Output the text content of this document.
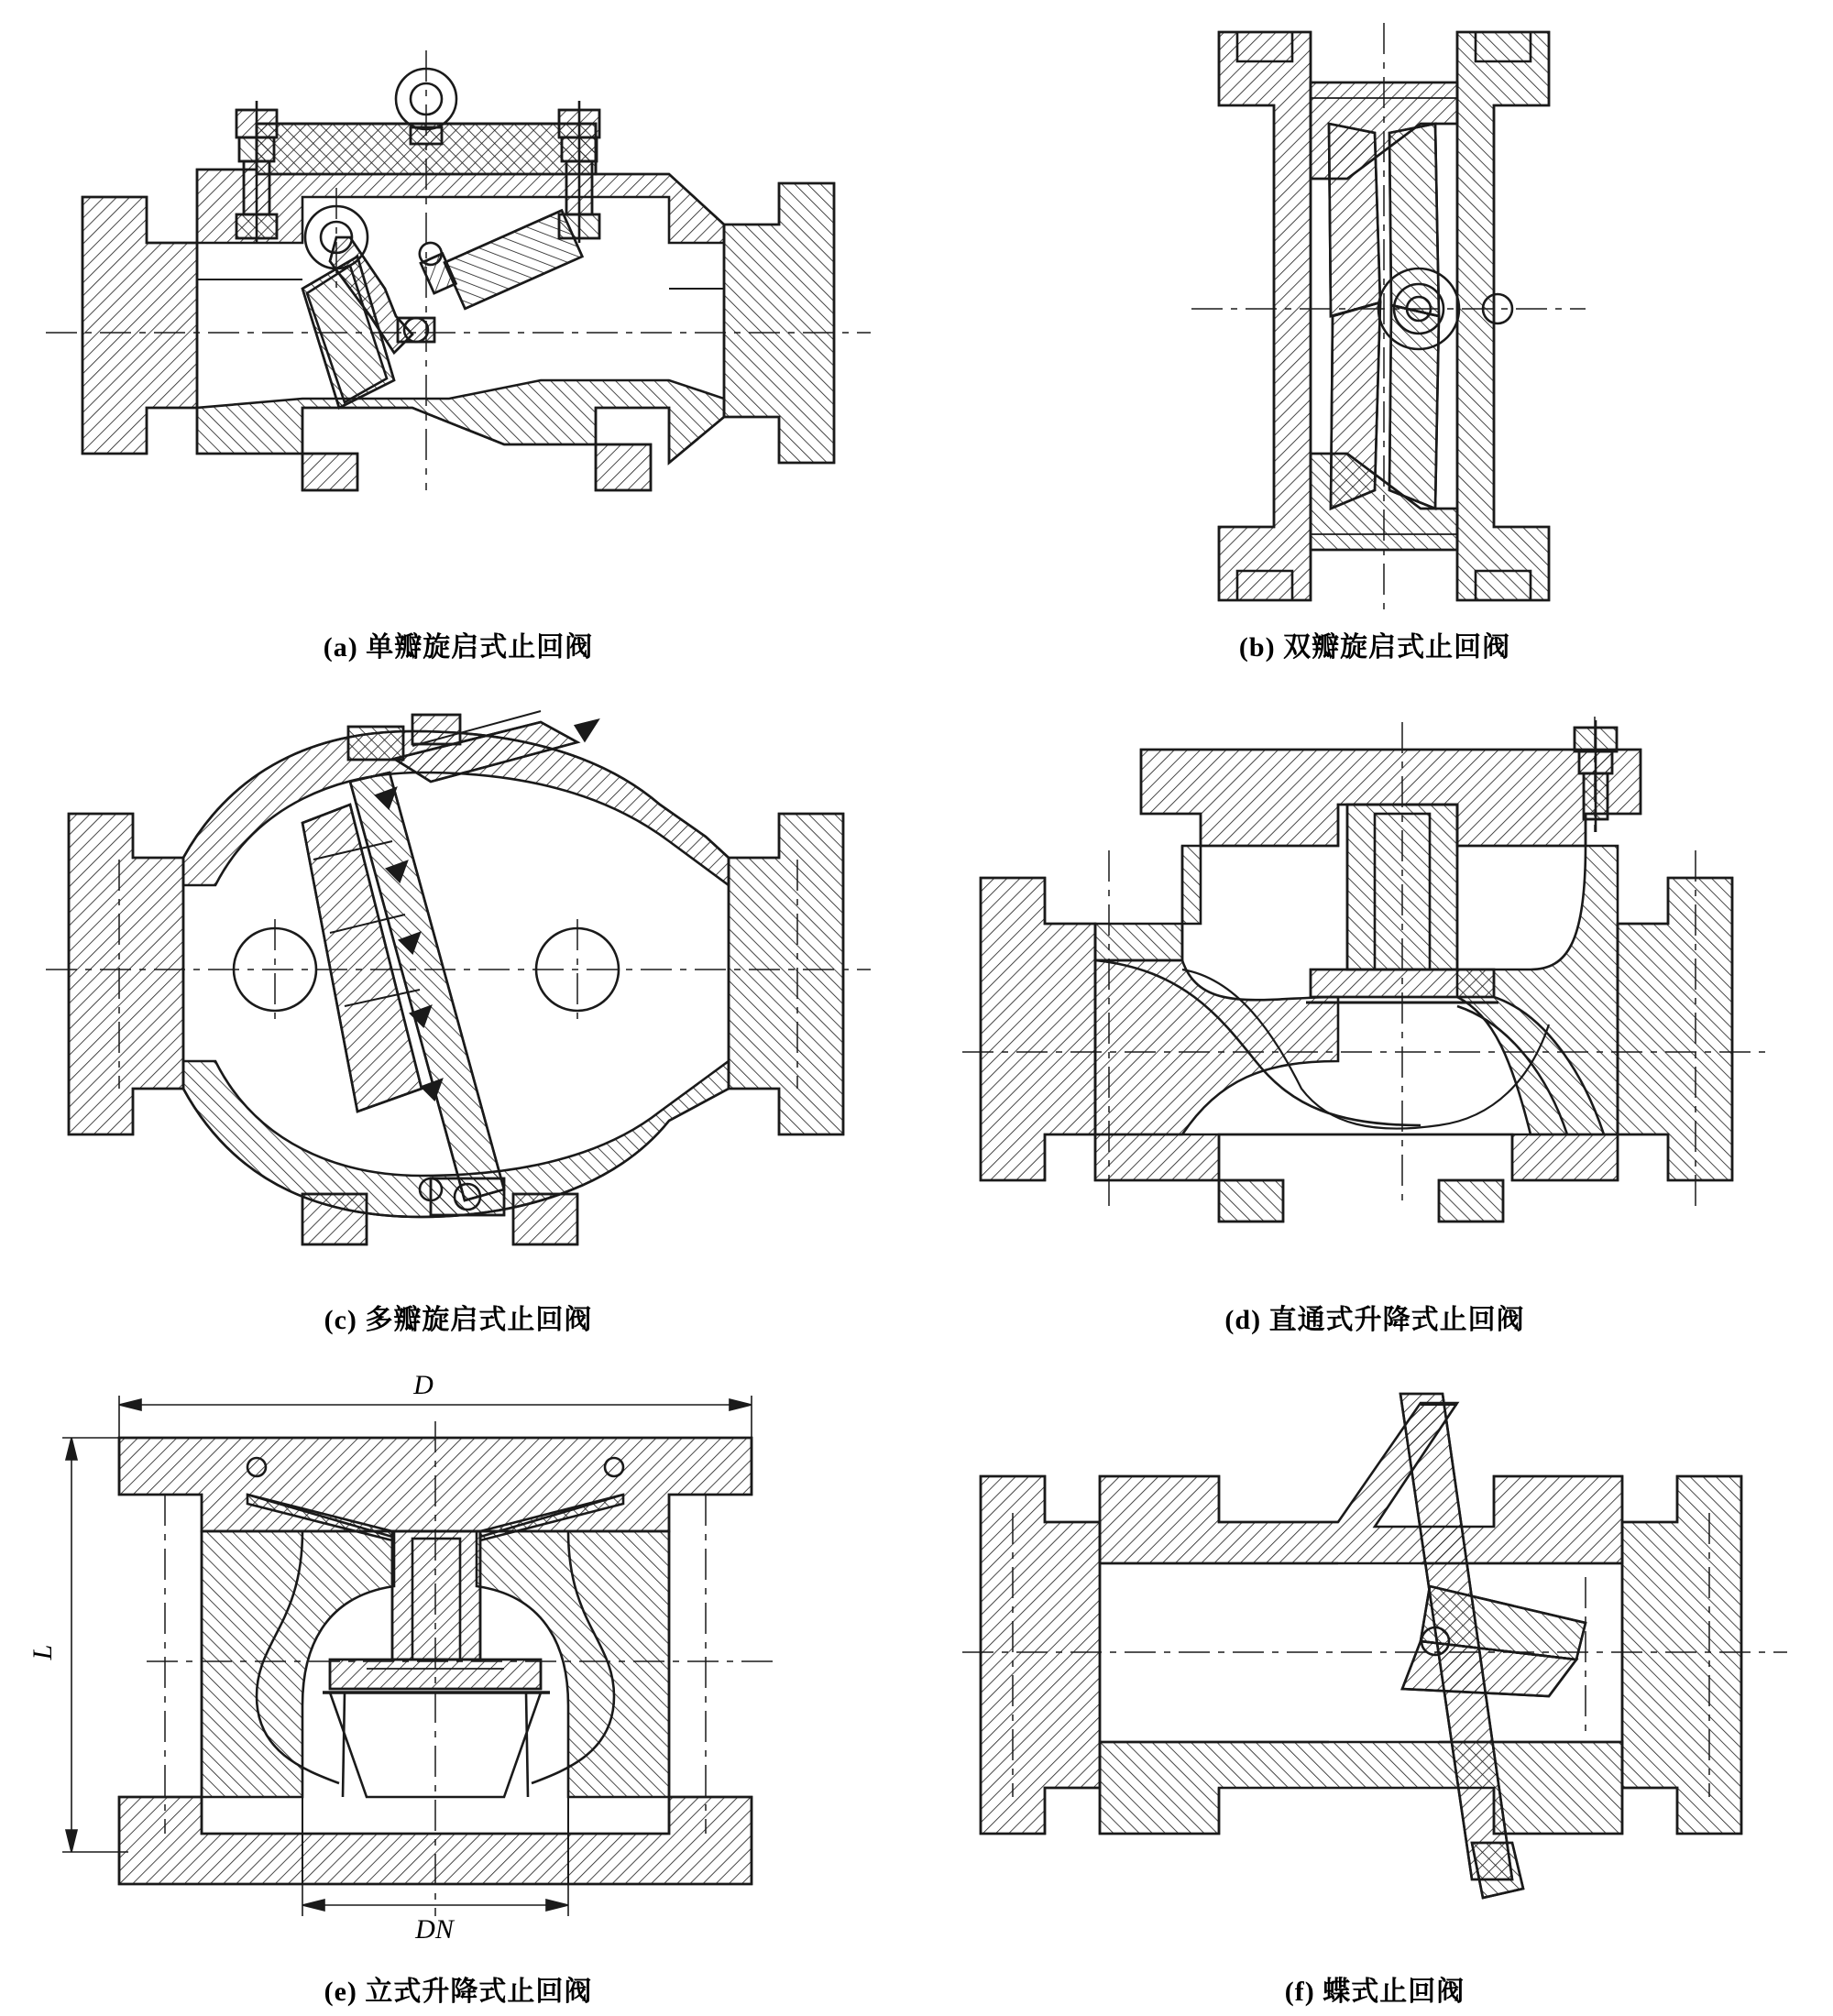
(a) 单瓣旋启式止回阀	(b) 双瓣旋启式止回阀
(c) 多瓣旋启式止回阀	(d) 直通式升降式止回阀
D
L
DN
(e) 立式升降式止回阀	(f) 蝶式止回阀
